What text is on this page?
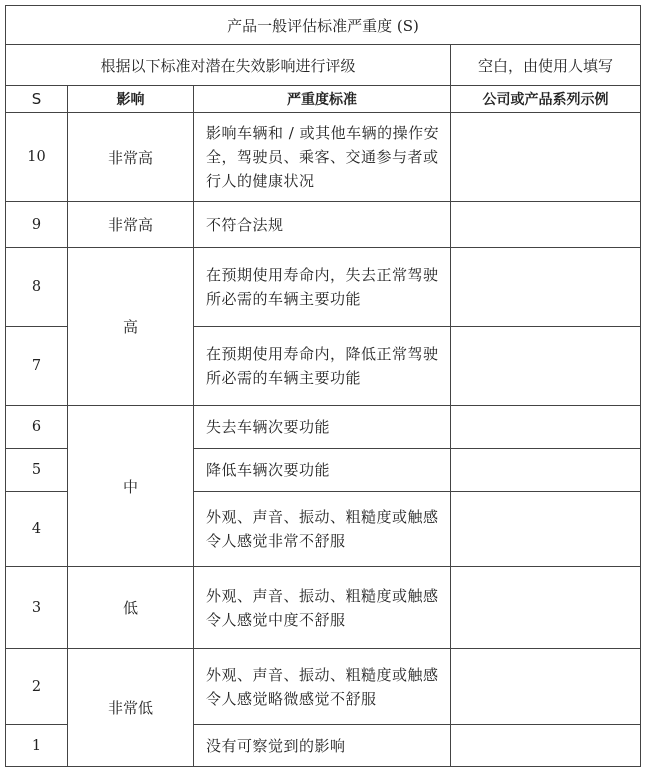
产品一般评估标准严重度 (S)			
根据以下标准对潜在失效影响进行评级			空白，由使用人填写
S	影响	严重度标准	公司或产品系列示例
10	非常高	影响车辆和 / 或其他车辆的操作安全，驾驶员、乘客、交通参与者或行人的健康状况	
9	非常高	不符合法规	
8	高	在预期使用寿命内，失去正常驾驶所必需的车辆主要功能	
7		在预期使用寿命内，降低正常驾驶所必需的车辆主要功能	
6	中	失去车辆次要功能	
5		降低车辆次要功能	
4		外观、声音、振动、粗糙度或触感令人感觉非常不舒服	
3	低	外观、声音、振动、粗糙度或触感令人感觉中度不舒服	
2	非常低	外观、声音、振动、粗糙度或触感令人感觉略微感觉不舒服	
1		没有可察觉到的影响	
